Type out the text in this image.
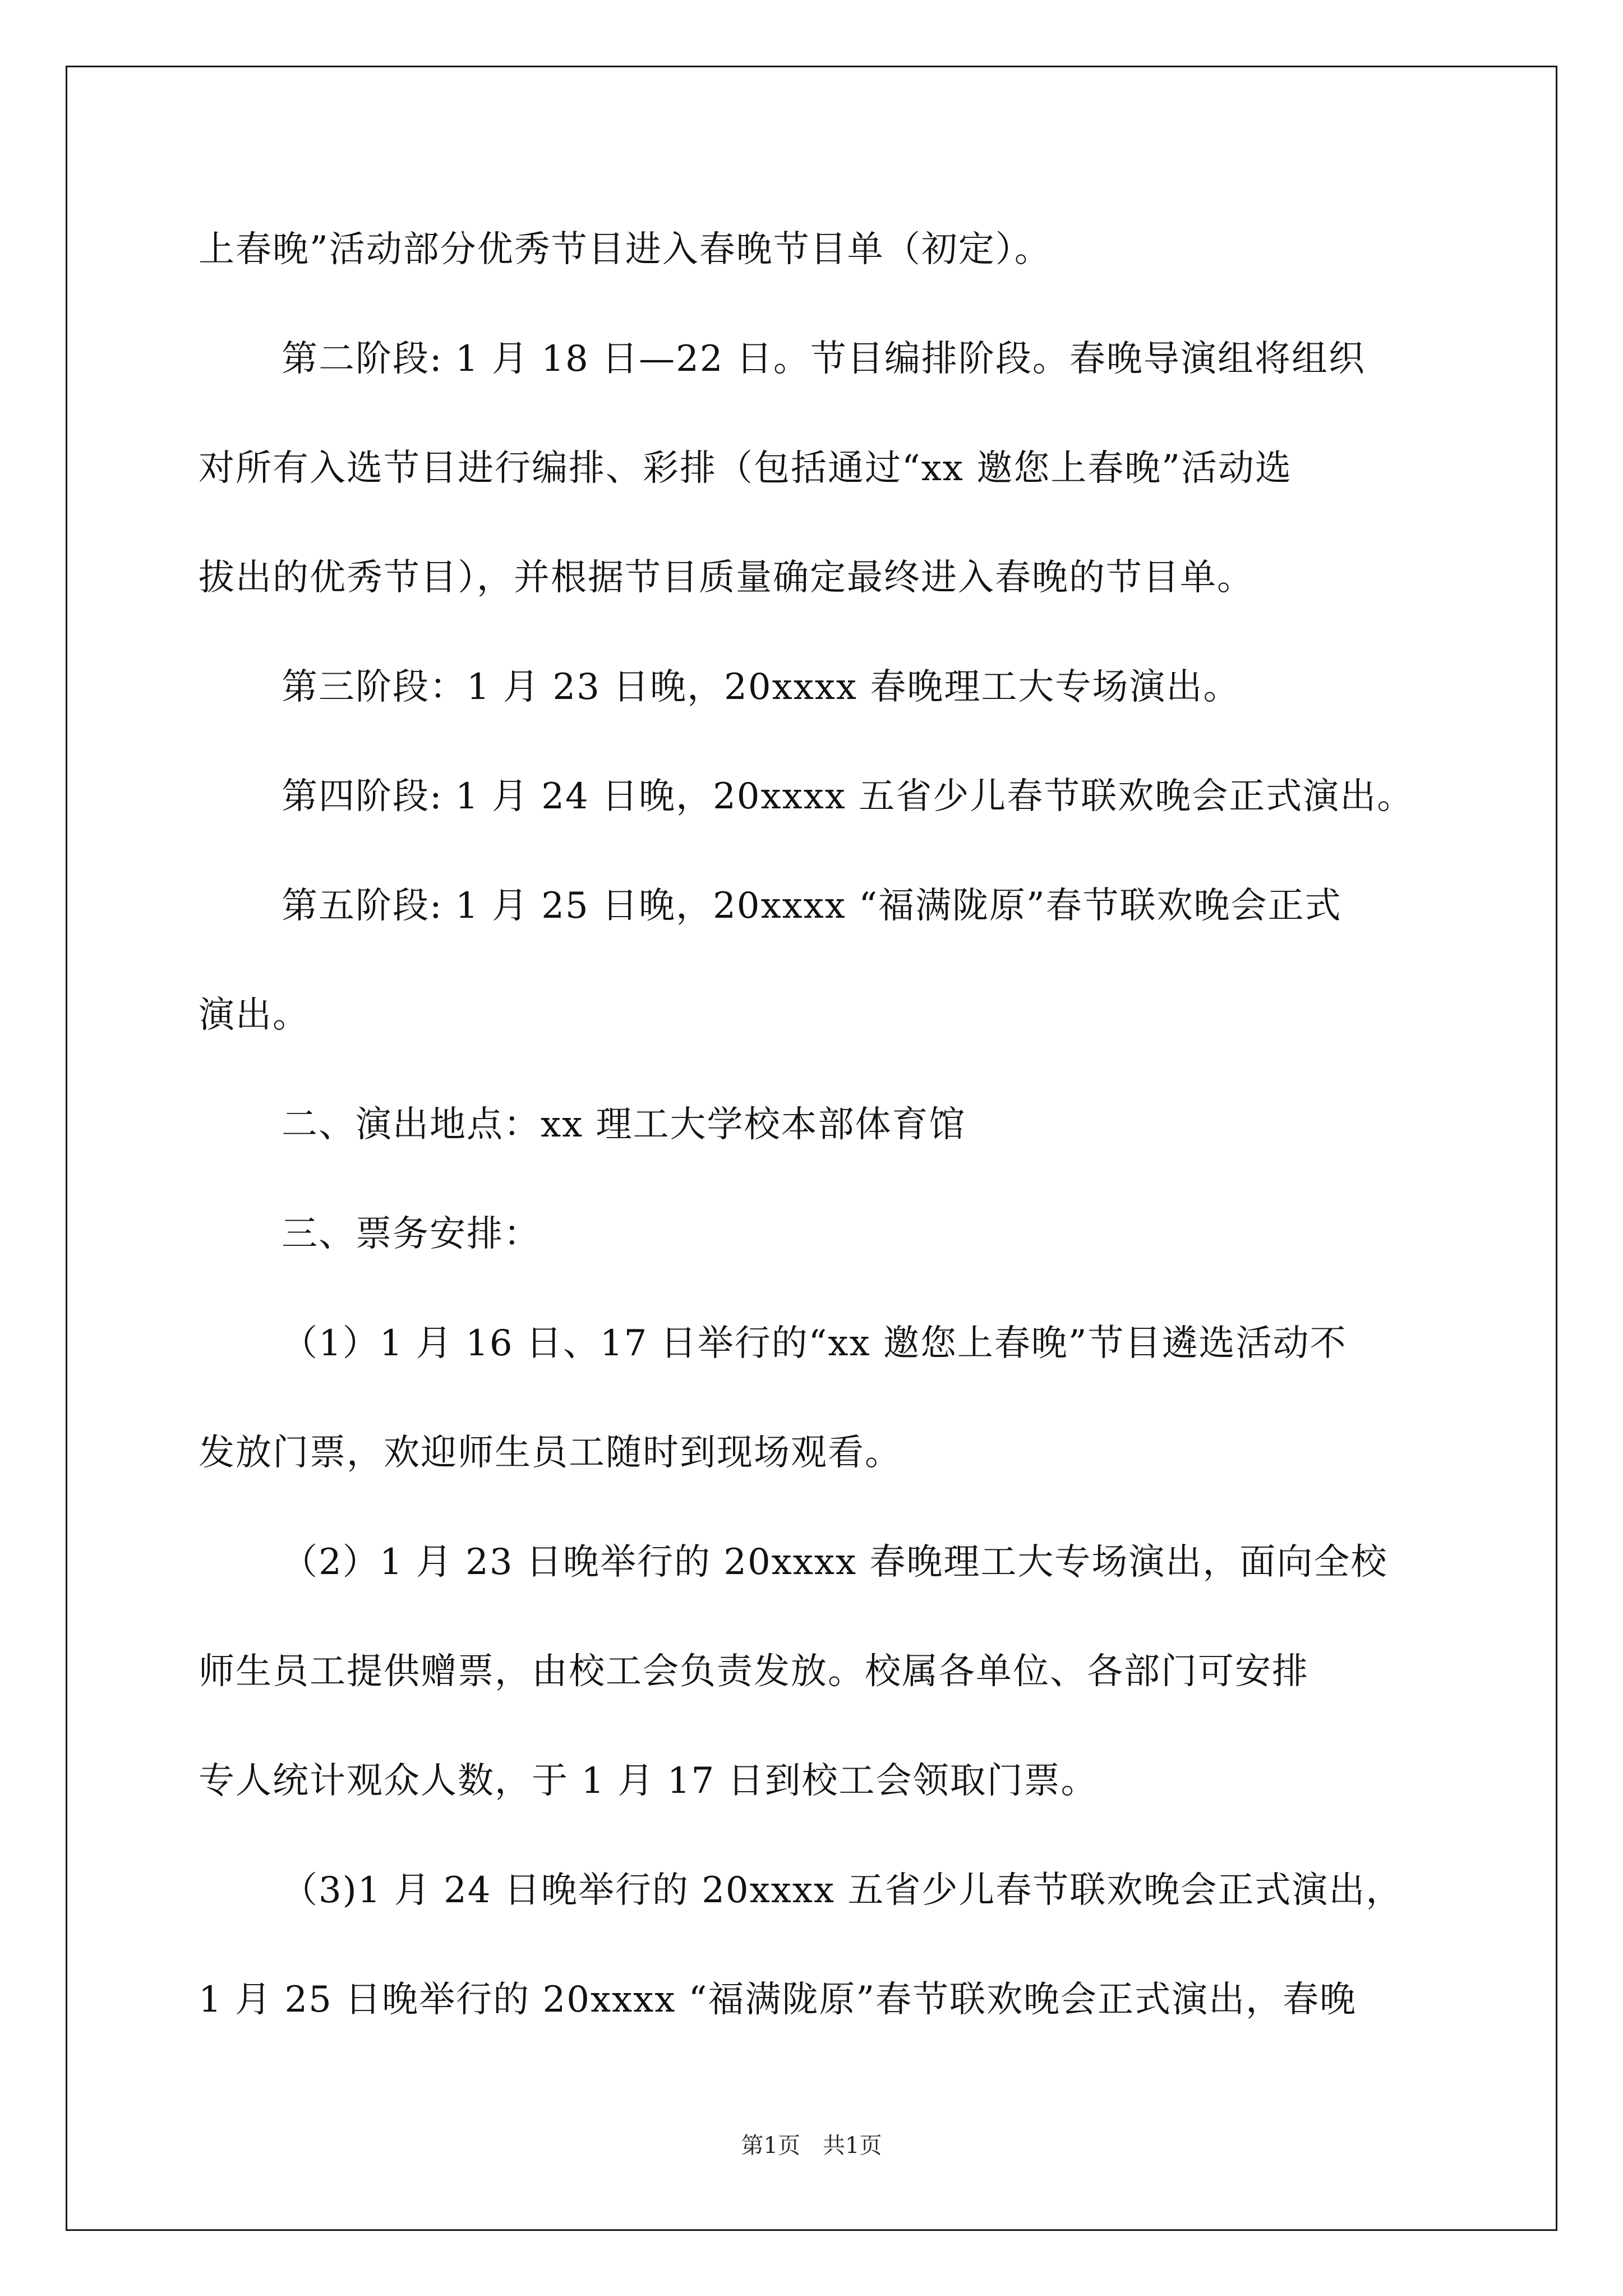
上春晚”活动部分优秀节目进入春晚节目单（初定）。
第二阶段: 1 月 18 日—22 日。节目编排阶段。春晚导演组将组织
对所有入选节目进行编排、彩排（包括通过“xx 邀您上春晚”活动选
拔出的优秀节目），并根据节目质量确定最终进入春晚的节目单。
第三阶段：1 月 23 日晚，20xxxx 春晚理工大专场演出。
第四阶段: 1 月 24 日晚，20xxxx 五省少儿春节联欢晚会正式演出。
第五阶段: 1 月 25 日晚，20xxxx “福满陇原”春节联欢晚会正式
演出。
二、演出地点：xx 理工大学校本部体育馆
三、票务安排：
（1）1 月 16 日、17 日举行的“xx 邀您上春晚”节目遴选活动不
发放门票，欢迎师生员工随时到现场观看。
（2）1 月 23 日晚举行的 20xxxx 春晚理工大专场演出，面向全校
师生员工提供赠票，由校工会负责发放。校属各单位、各部门可安排
专人统计观众人数，于 1 月 17 日到校工会领取门票。
（3)1 月 24 日晚举行的 20xxxx 五省少儿春节联欢晚会正式演出，
1 月 25 日晚举行的 20xxxx “福满陇原”春节联欢晚会正式演出，春晚
第1页　共1页
